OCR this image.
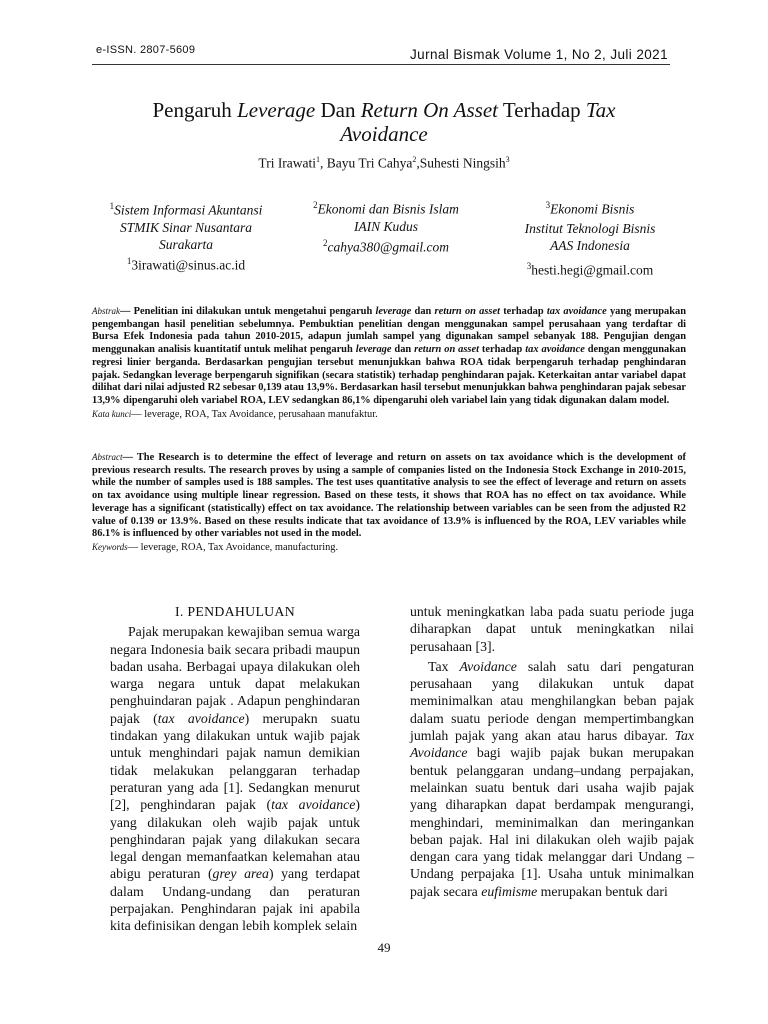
e-ISSN. 2807-5609	Jurnal Bismak Volume 1, No 2, Juli 2021
Pengaruh Leverage Dan Return On Asset Terhadap Tax
Avoidance
Tri Irawati$^1$, Bayu Tri Cahya$^2$,Suhesti Ningsih$^3$
$^1$Sistem Informasi Akuntansi
STMIK Sinar Nusantara
Surakarta
$^1$3irawati@sinus.ac.id
$^2$Ekonomi dan Bisnis Islam
IAIN Kudus
$^2$cahya380@gmail.com
$^3$Ekonomi Bisnis
Institut Teknologi Bisnis
AAS Indonesia
$^3$hesti.hegi@gmail.com
Abstrak— Penelitian ini dilakukan untuk mengetahui pengaruh leverage dan return on asset terhadap tax avoidance yang merupakan pengembangan hasil penelitian sebelumnya. Pembuktian penelitian dengan menggunakan sampel perusahaan yang terdaftar di Bursa Efek Indonesia pada tahun 2010-2015, adapun jumlah sampel yang digunakan sampel sebanyak 188. Pengujian dengan menggunakan analisis kuantitatif untuk melihat pengaruh leverage dan return on asset terhadap tax avoidance dengan menggunakan regresi linier berganda. Berdasarkan pengujian tersebut menunjukkan bahwa ROA tidak berpengaruh terhadap penghindaran pajak. Sedangkan leverage berpengaruh signifikan (secara statistik) terhadap penghindaran pajak. Keterkaitan antar variabel dapat dilihat dari nilai adjusted R2 sebesar 0,139 atau 13,9%. Berdasarkan hasil tersebut menunjukkan bahwa penghindaran pajak sebesar 13,9% dipengaruhi oleh variabel ROA, LEV sedangkan 86,1% dipengaruhi oleh variabel lain yang tidak digunakan dalam model.
Kata kunci— leverage, ROA, Tax Avoidance, perusahaan manufaktur.
Abstract— The Research is to determine the effect of leverage and return on assets on tax avoidance which is the development of previous research results. The research proves by using a sample of companies listed on the Indonesia Stock Exchange in 2010-2015, while the number of samples used is 188 samples. The test uses quantitative analysis to see the effect of leverage and return on assets on tax avoidance using multiple linear regression. Based on these tests, it shows that ROA has no effect on tax avoidance. While leverage has a significant (statistically) effect on tax avoidance. The relationship between variables can be seen from the adjusted R2 value of 0.139 or 13.9%. Based on these results indicate that tax avoidance of 13.9% is influenced by the ROA, LEV variables while 86.1% is influenced by other variables not used in the model.
Keywords— leverage, ROA, Tax Avoidance, manufacturing.
I. PENDAHULUAN

Pajak merupakan kewajiban semua warga negara Indonesia baik secara pribadi maupun badan usaha. Berbagai upaya dilakukan oleh warga negara untuk dapat melakukan penghuindaran pajak . Adapun penghindaran pajak (tax avoidance) merupakn suatu tindakan yang dilakukan untuk wajib pajak untuk menghindari pajak namun demikian tidak melakukan pelanggaran terhadap peraturan yang ada [1]. Sedangkan menurut [2], penghindaran pajak (tax avoidance) yang dilakukan oleh wajib pajak untuk penghindaran pajak yang dilakukan secara legal dengan memanfaatkan kelemahan atau abigu peraturan (grey area) yang terdapat dalam Undang-undang dan peraturan perpajakan. Penghindaran pajak ini apabila kita definisikan dengan lebih komplek selain

untuk meningkatkan laba pada suatu periode juga diharapkan dapat untuk meningkatkan nilai perusahaan [3].

Tax Avoidance salah satu dari pengaturan perusahaan yang dilakukan untuk dapat meminimalkan atau menghilangkan beban pajak dalam suatu periode dengan mempertimbangkan jumlah pajak yang akan atau harus dibayar. Tax Avoidance bagi wajib pajak bukan merupakan bentuk pelanggaran undang–undang perpajakan, melainkan suatu bentuk dari usaha wajib pajak yang diharapkan dapat berdampak mengurangi, menghindari, meminimalkan dan meringankan beban pajak. Hal ini dilakukan oleh wajib pajak dengan cara yang tidak melanggar dari Undang – Undang perpajaka [1]. Usaha untuk minimalkan pajak secara eufimisme merupakan bentuk dari

49
